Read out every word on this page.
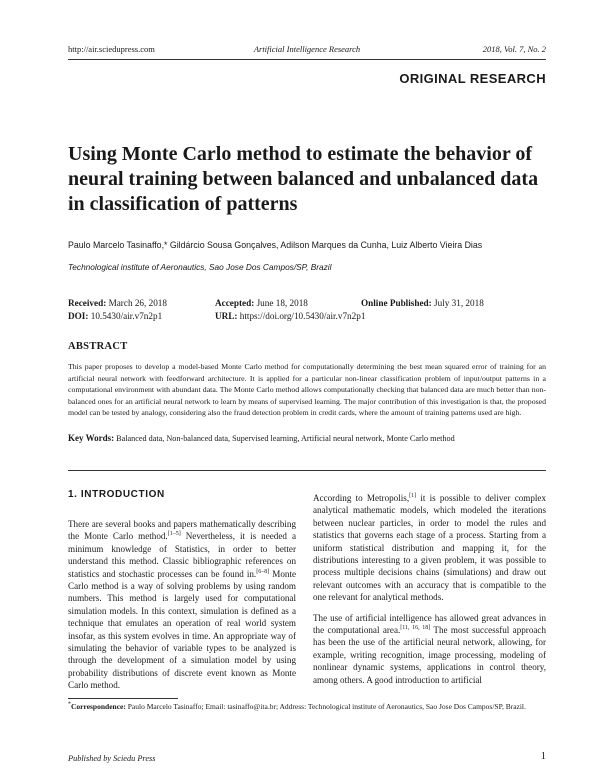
http://air.sciedupress.com	Artificial Intelligence Research	2018, Vol. 7, No. 2
ORIGINAL RESEARCH
Using Monte Carlo method to estimate the behavior of neural training between balanced and unbalanced data in classification of patterns
Paulo Marcelo Tasinaffo,* Gildárcio Sousa Gonçalves, Adilson Marques da Cunha, Luiz Alberto Vieira Dias
Technological institute of Aeronautics, Sao Jose Dos Campos/SP, Brazil
Received: March 26, 2018	Accepted: June 18, 2018	Online Published: July 31, 2018
DOI: 10.5430/air.v7n2p1	URL: https://doi.org/10.5430/air.v7n2p1
ABSTRACT
This paper proposes to develop a model-based Monte Carlo method for computationally determining the best mean squared error of training for an artificial neural network with feedforward architecture. It is applied for a particular non-linear classification problem of input/output patterns in a computational environment with abundant data. The Monte Carlo method allows computationally checking that balanced data are much better than non-balanced ones for an artificial neural network to learn by means of supervised learning. The major contribution of this investigation is that, the proposed model can be tested by analogy, considering also the fraud detection problem in credit cards, where the amount of training patterns used are high.
Key Words: Balanced data, Non-balanced data, Supervised learning, Artificial neural network, Monte Carlo method
1. INTRODUCTION

There are several books and papers mathematically describing the Monte Carlo method.[1–5] Nevertheless, it is needed a minimum knowledge of Statistics, in order to better understand this method. Classic bibliographic references on statistics and stochastic processes can be found in.[6–8] Monte Carlo method is a way of solving problems by using random numbers. This method is largely used for computational simulation models. In this context, simulation is defined as a technique that emulates an operation of real world system insofar, as this system evolves in time. An appropriate way of simulating the behavior of variable types to be analyzed is through the development of a simulation model by using probability distributions of discrete event known as Monte Carlo method.

According to Metropolis,[1] it is possible to deliver complex analytical mathematic models, which modeled the iterations between nuclear particles, in order to model the rules and statistics that governs each stage of a process. Starting from a uniform statistical distribution and mapping it, for the distributions interesting to a given problem, it was possible to process multiple decisions chains (simulations) and draw out relevant outcomes with an accuracy that is compatible to the one relevant for analytical methods.

The use of artificial intelligence has allowed great advances in the computational area.[11, 16, 18] The most successful approach has been the use of the artificial neural network, allowing, for example, writing recognition, image processing, modeling of nonlinear dynamic systems, applications in control theory, among others. A good introduction to artificial

*Correspondence: Paulo Marcelo Tasinaffo; Email: tasinaffo@ita.br; Address: Technological institute of Aeronautics, Sao Jose Dos Campos/SP, Brazil.
Published by Sciedu Press	1
